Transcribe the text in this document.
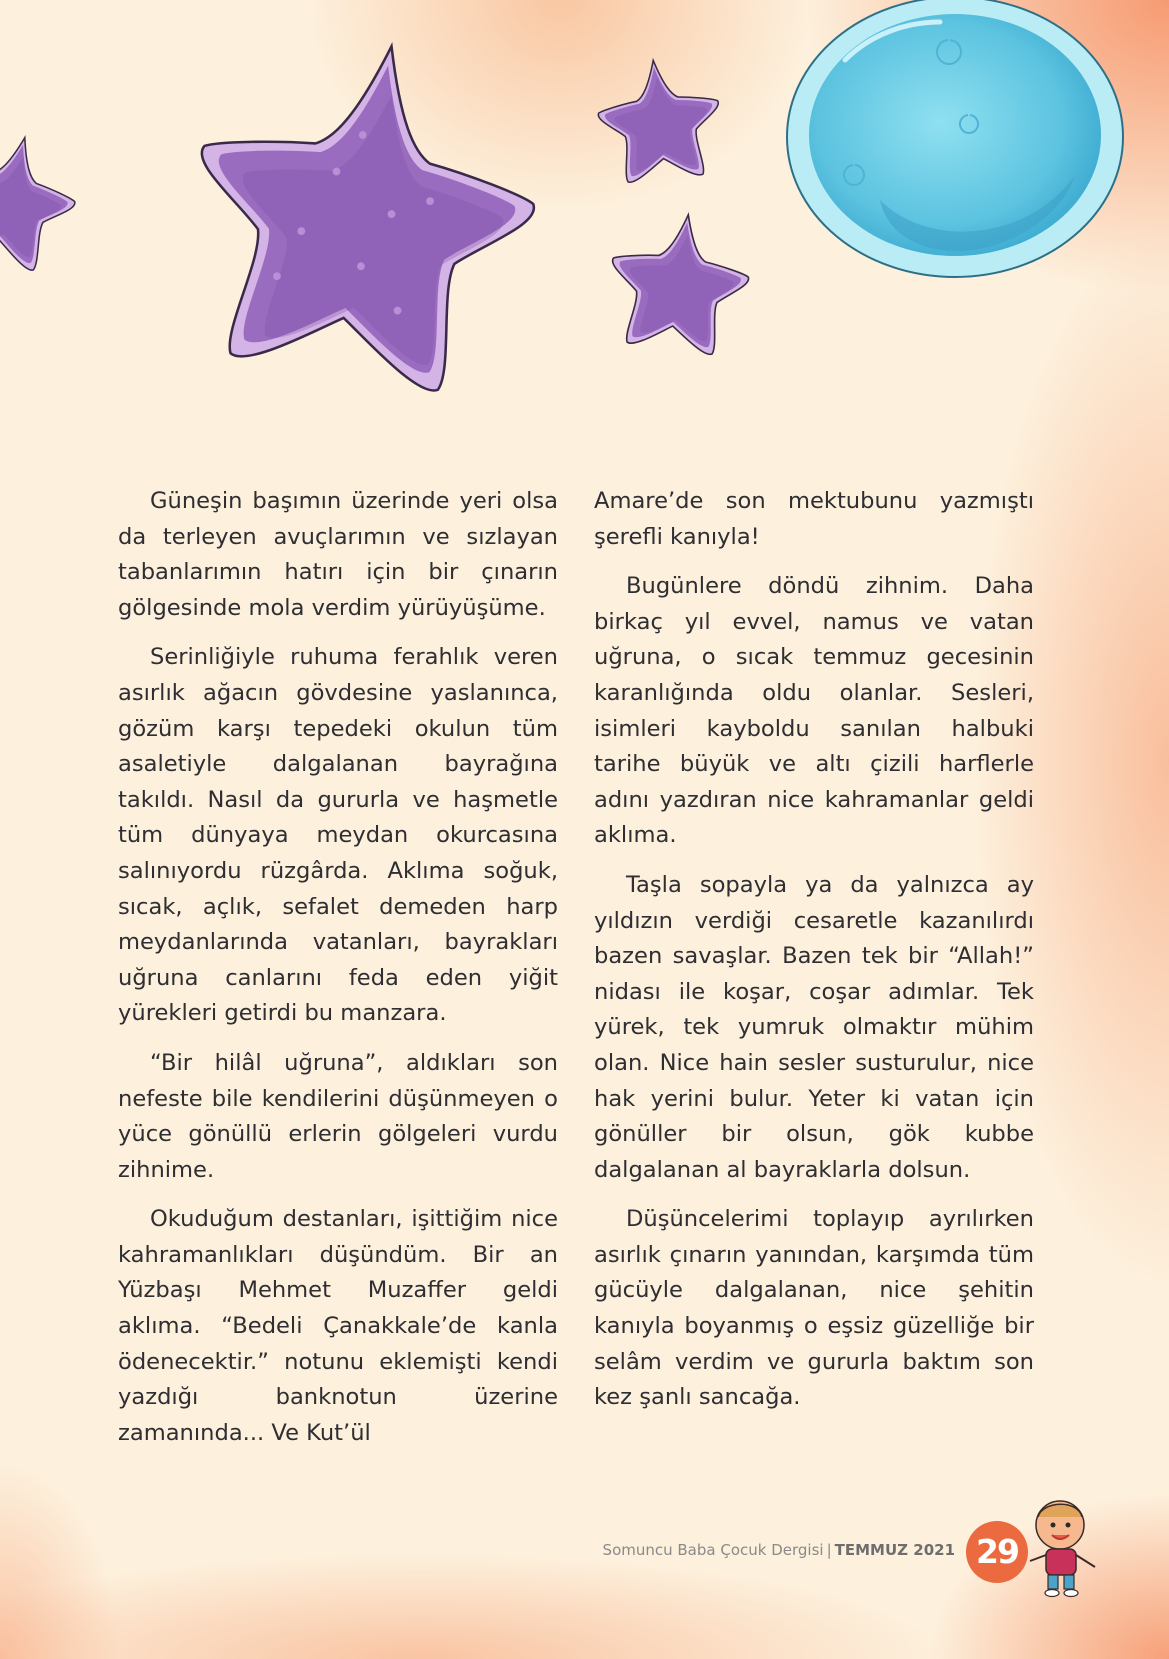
Güneşin başımın üzerinde yeri olsa da terleyen avuçlarımın ve sızlayan tabanlarımın hatırı için bir çınarın gölgesinde mola verdim yürüyüşüme.

Serinliğiyle ruhuma ferahlık veren asırlık ağacın gövdesine yaslanınca, gözüm karşı tepedeki okulun tüm asaletiyle dalgalanan bayrağına takıldı. Nasıl da gururla ve haşmetle tüm dünyaya meydan okurcasına salınıyordu rüzgârda. Aklıma soğuk, sıcak, açlık, sefalet demeden harp meydanlarında vatanları, bayrakları uğruna canlarını feda eden yiğit yürekleri getirdi bu manzara.

“Bir hilâl uğruna”, aldıkları son nefeste bile kendilerini düşünmeyen o yüce gönüllü erlerin gölgeleri vurdu zihnime.

Okuduğum destanları, işittiğim nice kahramanlıkları düşündüm. Bir an Yüzbaşı Mehmet Muzaffer geldi aklıma. “Bedeli Çanakkale’de kanla ödenecektir.” notunu eklemişti kendi yazdığı banknotun üzerine zamanında... Ve Kut’ül

Amare’de son mektubunu yazmıştı şerefli kanıyla!

Bugünlere döndü zihnim. Daha birkaç yıl evvel, namus ve vatan uğruna, o sıcak temmuz gecesinin karanlığında oldu olanlar. Sesleri, isimleri kayboldu sanılan halbuki tarihe büyük ve altı çizili harflerle adını yazdıran nice kahramanlar geldi aklıma.

Taşla sopayla ya da yalnızca ay yıldızın verdiği cesaretle kazanılırdı bazen savaşlar. Bazen tek bir “Allah!” nidası ile koşar, coşar adımlar. Tek yürek, tek yumruk olmaktır mühim olan. Nice hain sesler susturulur, nice hak yerini bulur. Yeter ki vatan için gönüller bir olsun, gök kubbe dalgalanan al bayraklarla dolsun.

Düşüncelerimi toplayıp ayrılırken asırlık çınarın yanından, karşımda tüm gücüyle dalgalanan, nice şehitin kanıyla boyanmış o eşsiz güzelliğe bir selâm verdim ve gururla baktım son kez şanlı sancağa.

Somuncu Baba Çocuk Dergisi | TEMMUZ 2021 29
